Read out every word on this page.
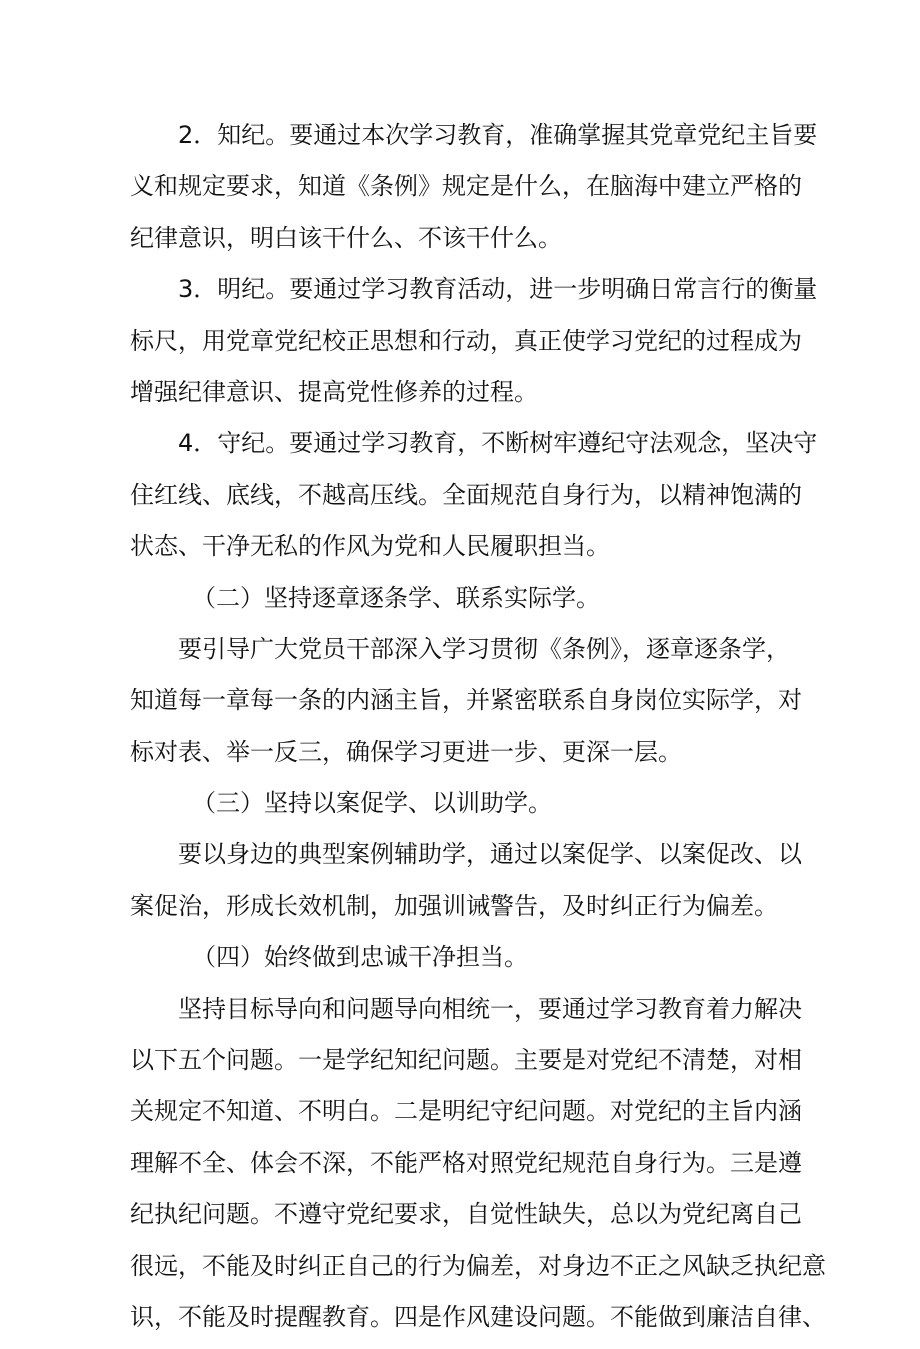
2．知纪。要通过本次学习教育，准确掌握其党章党纪主旨要
义和规定要求，知道《条例》规定是什么，在脑海中建立严格的
纪律意识，明白该干什么、不该干什么。
3．明纪。要通过学习教育活动，进一步明确日常言行的衡量
标尺，用党章党纪校正思想和行动，真正使学习党纪的过程成为
增强纪律意识、提高党性修养的过程。
4．守纪。要通过学习教育，不断树牢遵纪守法观念，坚决守
住红线、底线，不越高压线。全面规范自身行为，以精神饱满的
状态、干净无私的作风为党和人民履职担当。
（二）坚持逐章逐条学、联系实际学。
要引导广大党员干部深入学习贯彻《条例》，逐章逐条学，
知道每一章每一条的内涵主旨，并紧密联系自身岗位实际学，对
标对表、举一反三，确保学习更进一步、更深一层。
（三）坚持以案促学、以训助学。
要以身边的典型案例辅助学，通过以案促学、以案促改、以
案促治，形成长效机制，加强训诫警告，及时纠正行为偏差。
（四）始终做到忠诚干净担当。
坚持目标导向和问题导向相统一，要通过学习教育着力解决
以下五个问题。一是学纪知纪问题。主要是对党纪不清楚，对相
关规定不知道、不明白。二是明纪守纪问题。对党纪的主旨内涵
理解不全、体会不深，不能严格对照党纪规范自身行为。三是遵
纪执纪问题。不遵守党纪要求，自觉性缺失，总以为党纪离自己
很远，不能及时纠正自己的行为偏差，对身边不正之风缺乏执纪意
识，不能及时提醒教育。四是作风建设问题。不能做到廉洁自律、
